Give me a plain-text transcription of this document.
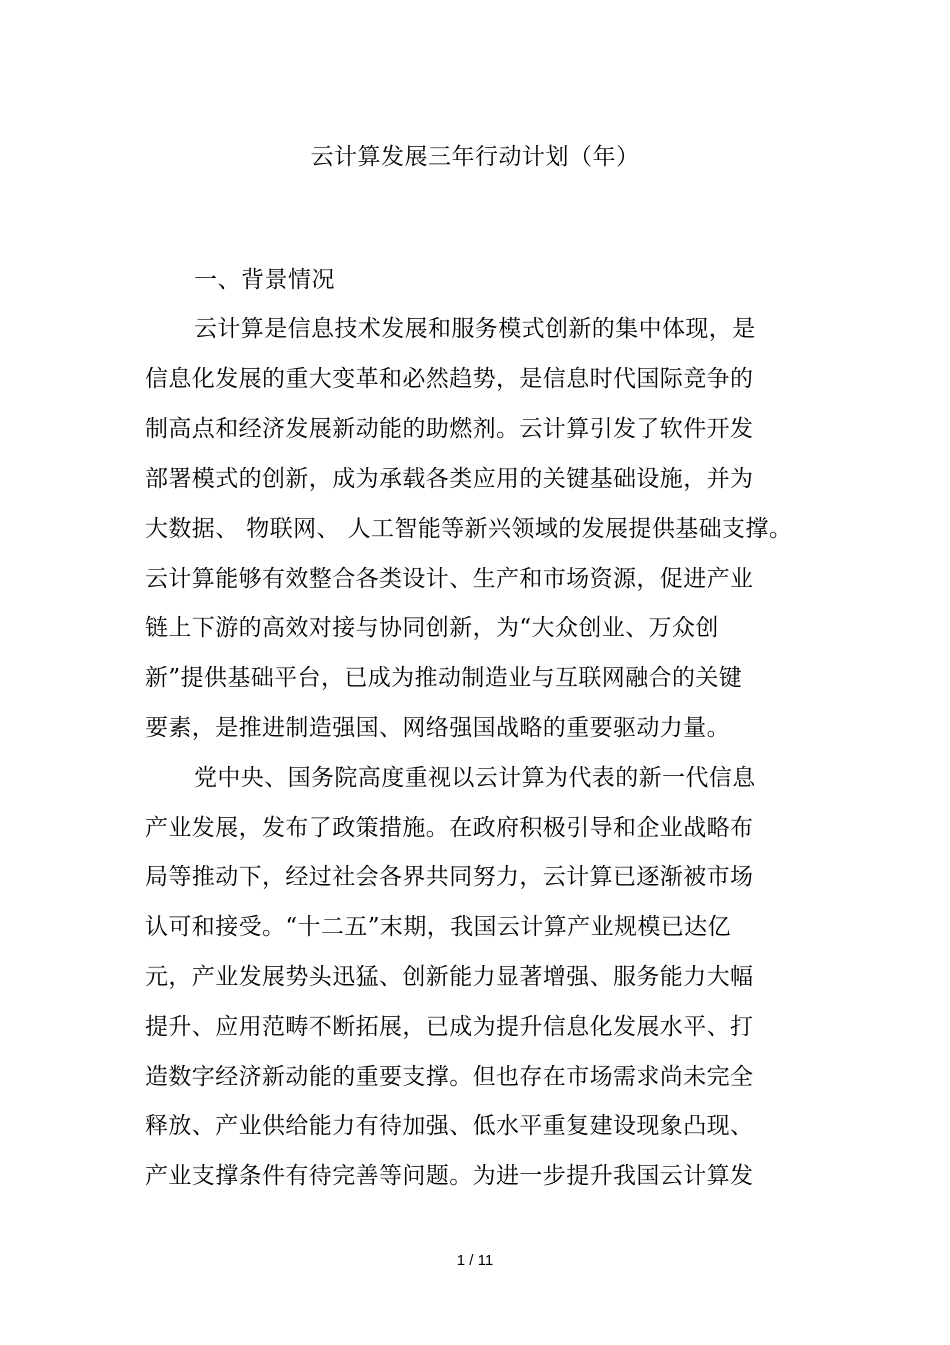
云计算发展三年行动计划（年）
一、背景情况
云计算是信息技术发展和服务模式创新的集中体现，是
信息化发展的重大变革和必然趋势，是信息时代国际竞争的
制高点和经济发展新动能的助燃剂。云计算引发了软件开发
部署模式的创新，成为承载各类应用的关键基础设施，并为
大数据、 物联网、 人工智能等新兴领域的发展提供基础支撑。
云计算能够有效整合各类设计、生产和市场资源，促进产业
链上下游的高效对接与协同创新，为“大众创业、万众创
新”提供基础平台，已成为推动制造业与互联网融合的关键
要素，是推进制造强国、网络强国战略的重要驱动力量。
党中央、国务院高度重视以云计算为代表的新一代信息
产业发展，发布了政策措施。在政府积极引导和企业战略布
局等推动下，经过社会各界共同努力，云计算已逐渐被市场
认可和接受。“十二五”末期，我国云计算产业规模已达亿
元，产业发展势头迅猛、创新能力显著增强、服务能力大幅
提升、应用范畴不断拓展，已成为提升信息化发展水平、打
造数字经济新动能的重要支撑。但也存在市场需求尚未完全
释放、产业供给能力有待加强、低水平重复建设现象凸现、
产业支撑条件有待完善等问题。为进一步提升我国云计算发
1 / 11
